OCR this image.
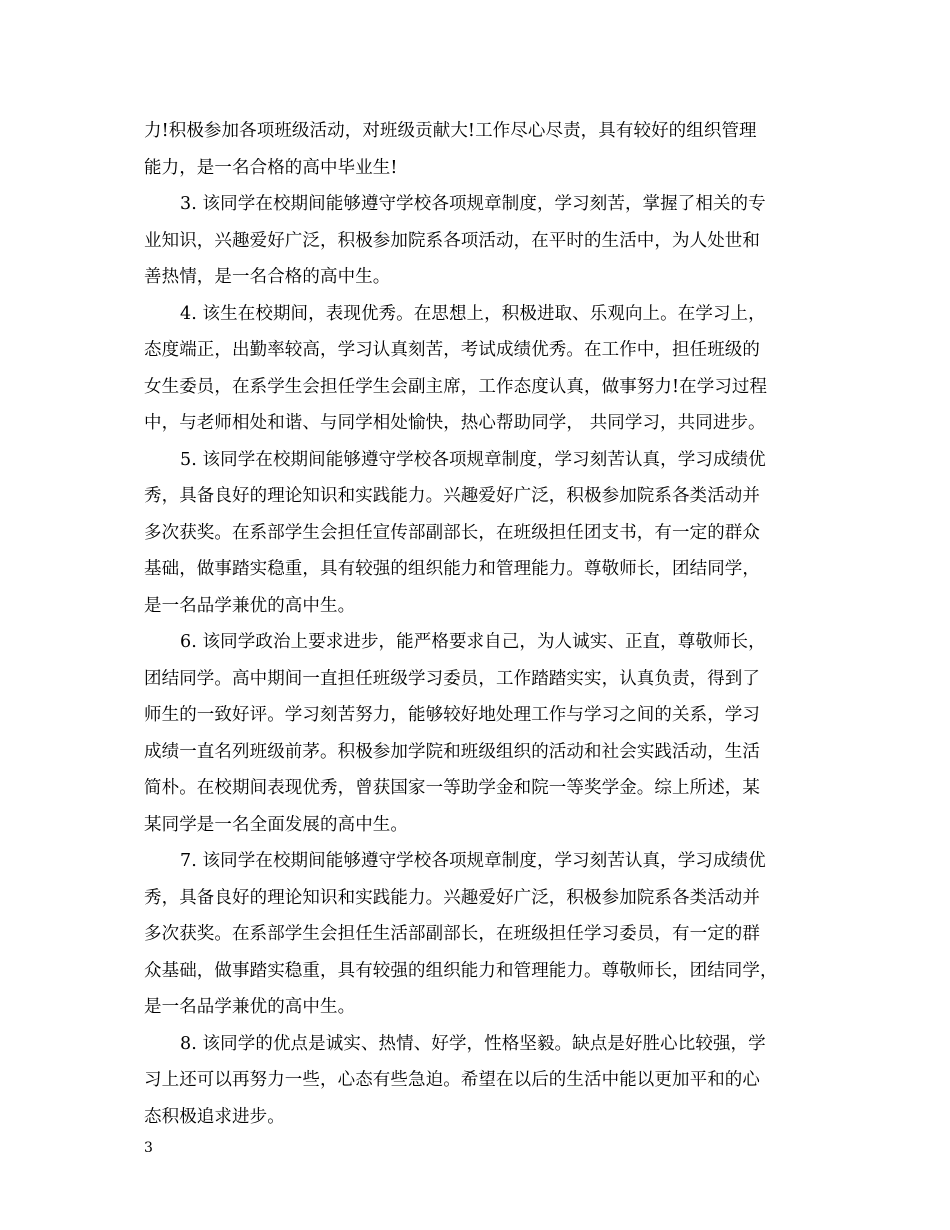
力!积极参加各项班级活动，对班级贡献大!工作尽心尽责，具有较好的组织管理
能力，是一名合格的高中毕业生!
3. 该同学在校期间能够遵守学校各项规章制度，学习刻苦，掌握了相关的专
业知识，兴趣爱好广泛，积极参加院系各项活动，在平时的生活中，为人处世和
善热情，是一名合格的高中生。
4. 该生在校期间，表现优秀。在思想上，积极进取、乐观向上。在学习上，
态度端正，出勤率较高，学习认真刻苦，考试成绩优秀。在工作中，担任班级的
女生委员，在系学生会担任学生会副主席，工作态度认真，做事努力!在学习过程
中，与老师相处和谐、与同学相处愉快，热心帮助同学， 共同学习，共同进步。
5. 该同学在校期间能够遵守学校各项规章制度，学习刻苦认真，学习成绩优
秀，具备良好的理论知识和实践能力。兴趣爱好广泛，积极参加院系各类活动并
多次获奖。在系部学生会担任宣传部副部长，在班级担任团支书，有一定的群众
基础，做事踏实稳重，具有较强的组织能力和管理能力。尊敬师长，团结同学，
是一名品学兼优的高中生。
6. 该同学政治上要求进步，能严格要求自己，为人诚实、正直，尊敬师长，
团结同学。高中期间一直担任班级学习委员，工作踏踏实实，认真负责，得到了
师生的一致好评。学习刻苦努力，能够较好地处理工作与学习之间的关系，学习
成绩一直名列班级前茅。积极参加学院和班级组织的活动和社会实践活动，生活
简朴。在校期间表现优秀，曾获国家一等助学金和院一等奖学金。综上所述，某
某同学是一名全面发展的高中生。
7. 该同学在校期间能够遵守学校各项规章制度，学习刻苦认真，学习成绩优
秀，具备良好的理论知识和实践能力。兴趣爱好广泛，积极参加院系各类活动并
多次获奖。在系部学生会担任生活部副部长，在班级担任学习委员，有一定的群
众基础，做事踏实稳重，具有较强的组织能力和管理能力。尊敬师长，团结同学，
是一名品学兼优的高中生。
8. 该同学的优点是诚实、热情、好学，性格坚毅。缺点是好胜心比较强，学
习上还可以再努力一些，心态有些急迫。希望在以后的生活中能以更加平和的心
态积极追求进步。
3
